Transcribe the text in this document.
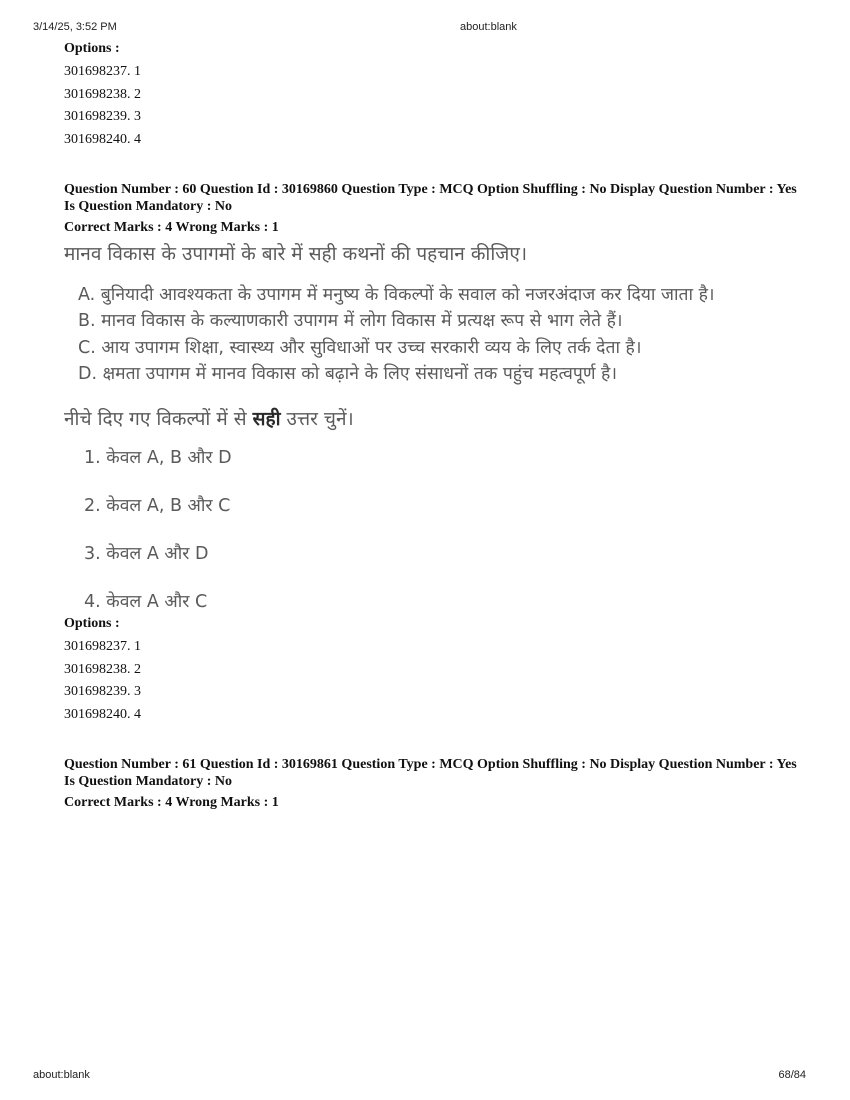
3/14/25, 3:52 PM	about:blank
Options :
301698237. 1
301698238. 2
301698239. 3
301698240. 4
Question Number : 60 Question Id : 30169860 Question Type : MCQ Option Shuffling : No Display Question Number : Yes Is Question Mandatory : No
Correct Marks : 4 Wrong Marks : 1
मानव विकास के उपागमों के बारे में सही कथनों की पहचान कीजिए।
A. बुनियादी आवश्यकता के उपागम में मनुष्य के विकल्पों के सवाल को नजरअंदाज कर दिया जाता है।
B. मानव विकास के कल्याणकारी उपागम में लोग विकास में प्रत्यक्ष रूप से भाग लेते हैं।
C. आय उपागम शिक्षा, स्वास्थ्य और सुविधाओं पर उच्च सरकारी व्यय के लिए तर्क देता है।
D. क्षमता उपागम में मानव विकास को बढ़ाने के लिए संसाधनों तक पहुंच महत्वपूर्ण है।
नीचे दिए गए विकल्पों में से सही उत्तर चुनें।
1. केवल A, B और D
2. केवल A, B और C
3. केवल A और D
4. केवल A और C
Options :
301698237. 1
301698238. 2
301698239. 3
301698240. 4
Question Number : 61 Question Id : 30169861 Question Type : MCQ Option Shuffling : No Display Question Number : Yes Is Question Mandatory : No
Correct Marks : 4 Wrong Marks : 1
about:blank	68/84
